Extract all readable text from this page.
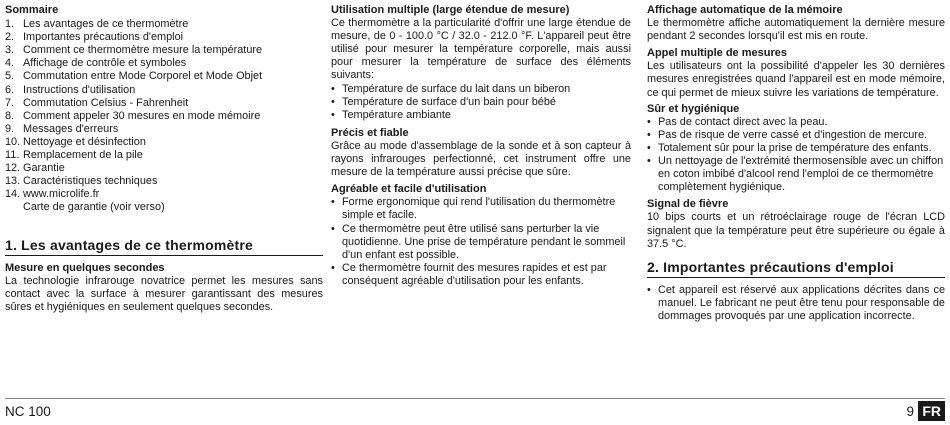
Sommaire

1. Les avantages de ce thermomètre
2. Importantes précautions d'emploi
3. Comment ce thermomètre mesure la température
4. Affichage de contrôle et symboles
5. Commutation entre Mode Corporel et Mode Objet
6. Instructions d'utilisation
7. Commutation Celsius - Fahrenheit
8. Comment appeler 30 mesures en mode mémoire
9. Messages d'erreurs
10. Nettoyage et désinfection
11. Remplacement de la pile
12. Garantie
13. Caractéristiques techniques
14. www.microlife.fr
Carte de garantie (voir verso)

1. Les avantages de ce thermomètre

Mesure en quelques secondes

La technologie infrarouge novatrice permet les mesures sans contact avec la surface à mesurer garantissant des mesures sûres et hygiéniques en seulement quelques secondes.

Utilisation multiple (large étendue de mesure)

Ce thermomètre a la particularité d'offrir une large étendue de mesure, de 0 - 100.0 °C / 32.0 - 212.0 °F. L'appareil peut être utilisé pour mesurer la température corporelle, mais aussi pour mesurer la température de surface des éléments suivants:

• Température de surface du lait dans un biberon
• Température de surface d'un bain pour bébé
• Température ambiante

Précis et fiable

Grâce au mode d'assemblage de la sonde et à son capteur à rayons infrarouges perfectionné, cet instrument offre une mesure de la température aussi précise que sûre.

Agréable et facile d'utilisation

• Forme ergonomique qui rend l'utilisation du thermomètre simple et facile.
• Ce thermomètre peut être utilisé sans perturber la vie quotidienne. Une prise de température pendant le sommeil d'un enfant est possible.
• Ce thermomètre fournit des mesures rapides et est par conséquent agréable d'utilisation pour les enfants.

Affichage automatique de la mémoire

Le thermomètre affiche automatiquement la dernière mesure pendant 2 secondes lorsqu'il est mis en route.

Appel multiple de mesures

Les utilisateurs ont la possibilité d'appeler les 30 dernières mesures enregistrées quand l'appareil est en mode mémoire, ce qui permet de mieux suivre les variations de température.

Sûr et hygiénique

• Pas de contact direct avec la peau.
• Pas de risque de verre cassé et d'ingestion de mercure.
• Totalement sûr pour la prise de température des enfants.
• Un nettoyage de l'extrémité thermosensible avec un chiffon en coton imbibé d'alcool rend l'emploi de ce thermomètre complètement hygiénique.

Signal de fièvre

10 bips courts et un rétroéclairage rouge de l'écran LCD signalent que la température peut être supérieure ou égale à 37.5 °C.

2. Importantes précautions d'emploi

• Cet appareil est réservé aux applications décrites dans ce manuel. Le fabricant ne peut être tenu pour responsable de dommages provoqués par une application incorrecte.
NC 100	9 FR
